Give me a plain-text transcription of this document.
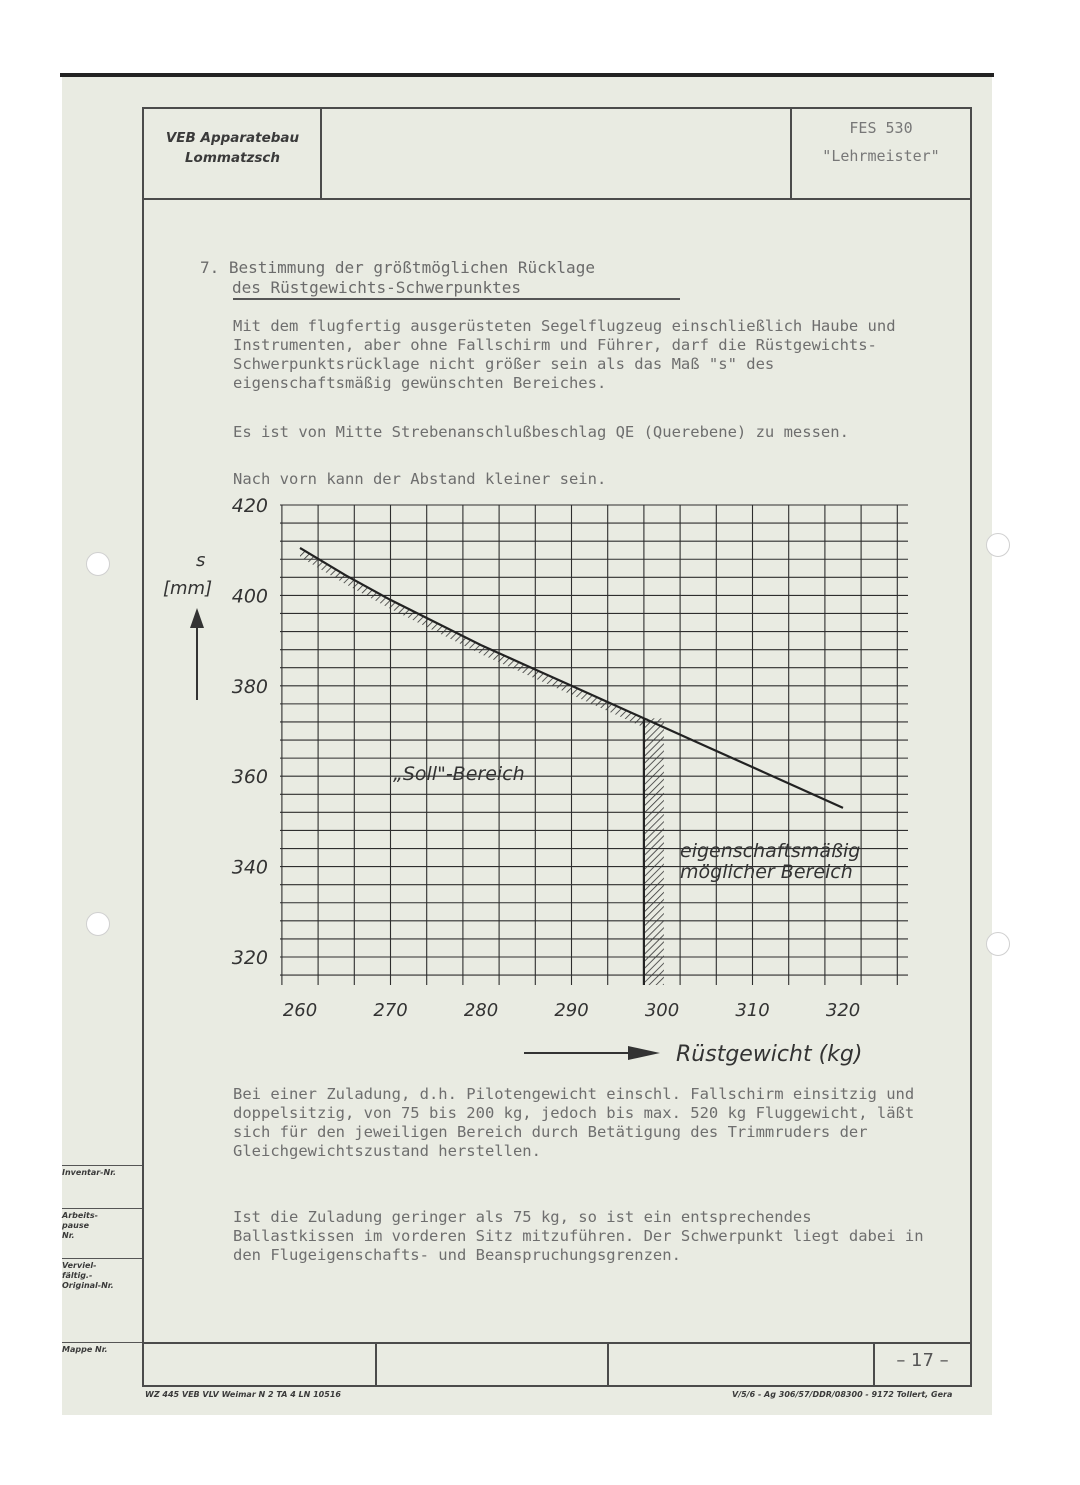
VEB Apparatebau
Lommatzsch
FES 530
"Lehrmeister"
7. Bestimmung der größtmöglichen Rücklage
des Rüstgewichts-Schwerpunktes
Mit dem flugfertig ausgerüsteten Segelflugzeug einschließlich Haube und Instrumenten, aber ohne Fallschirm und Führer, darf die Rüstgewichts-Schwerpunktsrücklage nicht größer sein als das Maß "s" des eigenschaftsmäßig gewünschten Bereiches.
Es ist von Mitte Strebenanschlußbeschlag QE (Querebene) zu messen.
Nach vorn kann der Abstand kleiner sein.
260	270	280	290	300	310	320
320
340
360
380
400
420
s
[mm]
Rüstgewicht (kg)
„Soll"-Bereich
eigenschaftsmäßig
möglicher Bereich
Bei einer Zuladung, d.h. Pilotengewicht einschl. Fallschirm einsitzig und doppelsitzig, von 75 bis 200 kg, jedoch bis max. 520 kg Fluggewicht, läßt sich für den jeweiligen Bereich durch Betätigung des Trimmruders der Gleichgewichtszustand herstellen.
Ist die Zuladung geringer als 75 kg, so ist ein entsprechendes Ballastkissen im vorderen Sitz mitzuführen. Der Schwerpunkt liegt dabei in den Flugeigenschafts- und Beanspruchungsgrenzen.
Inventar-Nr.
Arbeits-
pause
Nr.
Verviel-
fältig.-
Original-Nr.
Mappe Nr.
– 17 –
WZ 445 VEB VLV Weimar N 2 TA 4 LN 10516	V/5/6 - Ag 306/57/DDR/08300 - 9172 Tollert, Gera
